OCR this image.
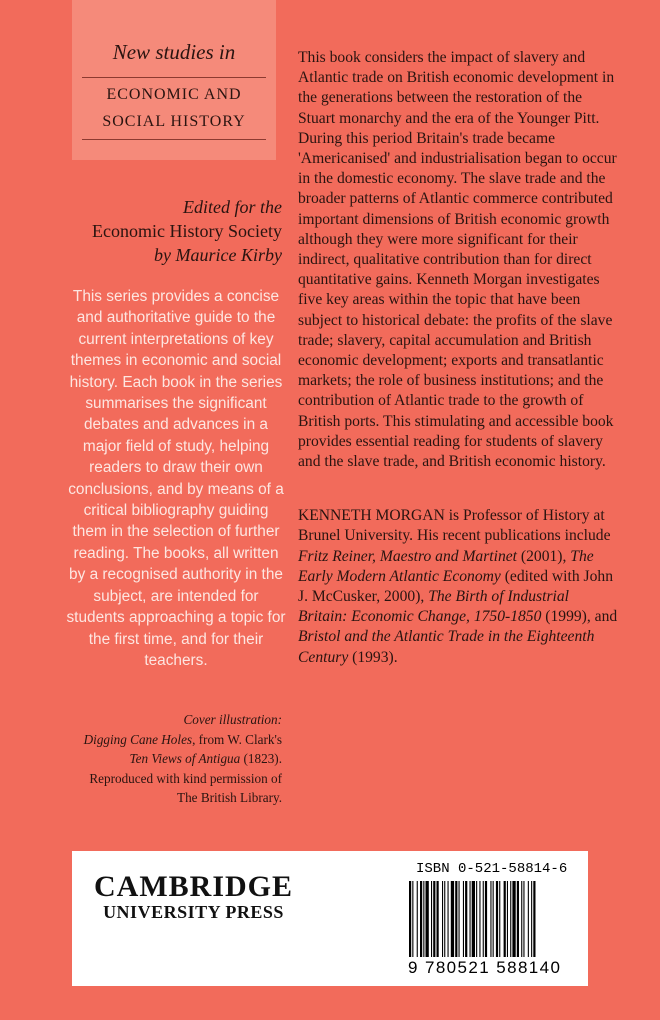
New studies in
ECONOMIC AND
SOCIAL HISTORY
Edited for the
Economic History Society
by Maurice Kirby
This series provides a concise and authoritative guide to the current interpretations of key themes in economic and social history. Each book in the series summarises the significant debates and advances in a major field of study, helping readers to draw their own conclusions, and by means of a critical bibliography guiding them in the selection of further reading. The books, all written by a recognised authority in the subject, are intended for students approaching a topic for the first time, and for their teachers.
Cover illustration:
Digging Cane Holes, from W. Clark's
Ten Views of Antigua (1823).
Reproduced with kind permission of
The British Library.

This book considers the impact of slavery and Atlantic trade on British economic development in the generations between the restoration of the Stuart monarchy and the era of the Younger Pitt. During this period Britain's trade became 'Americanised' and industrialisation began to occur in the domestic economy. The slave trade and the broader patterns of Atlantic commerce contributed important dimensions of British economic growth although they were more significant for their indirect, qualitative contribution than for direct quantitative gains. Kenneth Morgan investigates five key areas within the topic that have been subject to historical debate: the profits of the slave trade; slavery, capital accumulation and British economic development; exports and transatlantic markets; the role of business institutions; and the contribution of Atlantic trade to the growth of British ports. This stimulating and accessible book provides essential reading for students of slavery and the slave trade, and British economic history.

KENNETH MORGAN is Professor of History at Brunel University. His recent publications include Fritz Reiner, Maestro and Martinet (2001), The Early Modern Atlantic Economy (edited with John J. McCusker, 2000), The Birth of Industrial Britain: Economic Change, 1750-1850 (1999), and Bristol and the Atlantic Trade in the Eighteenth Century (1993).
CAMBRIDGE
UNIVERSITY PRESS
ISBN 0-521-58814-6
9 780521 588140
